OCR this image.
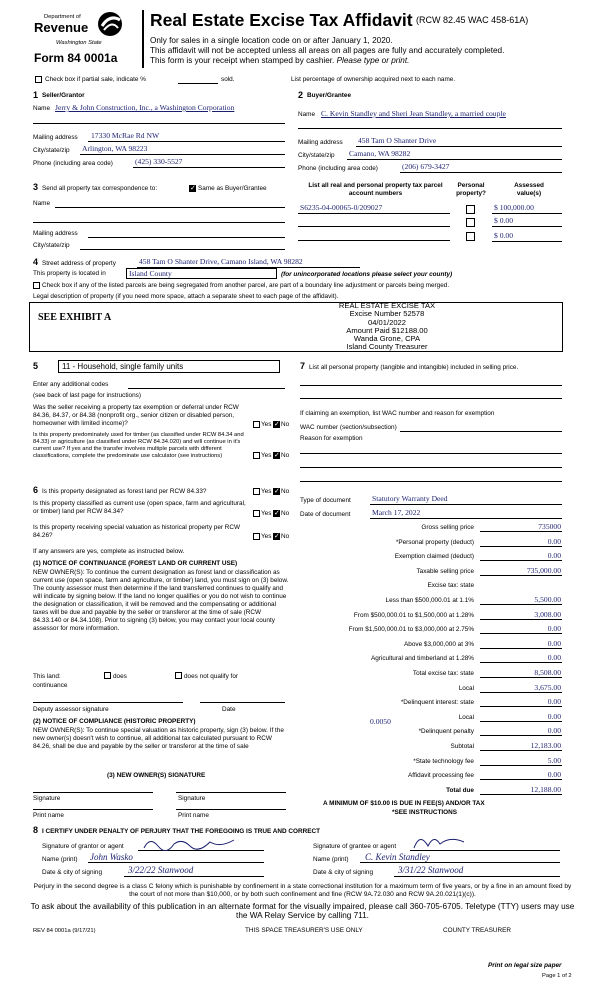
Department of
Revenue
Washington State
Form 84 0001a
Real Estate Excise Tax Affidavit (RCW 82.45 WAC 458-61A)
Only for sales in a single location code on or after January 1, 2020.
This affidavit will not be accepted unless all areas on all pages are fully and accurately completed.
This form is your receipt when stamped by cashier. Please type or print.
Check box if partial sale, indicate %	sold.	List percentage of ownership acquired next to each name.
1 Seller/Grantor
Name Jerry & John Construction, Inc., a Washington Corporation
Mailing address 17330 McRae Rd NW
City/state/zip Arlington, WA 98223
Phone (including area code)	(425) 330-5527
2 Buyer/Grantee
Name C. Kevin Standley and Sheri Jean Standley, a married couple
Mailing address 458 Tam O Shanter Drive
City/state/zip Camano, WA 98282
Phone (including area code)	(206) 679-3427
3 Send all property tax correspondence to:	✓ Same as Buyer/Grantee
Name
Mailing address
City/state/zip
List all real and personal property tax parcel account numbers
Personal property?
Assessed value(s)
S6235-04-00065-0/209027	$ 100,000.00
$ 0.00
$ 0.00
4 Street address of property	458 Tam O Shanter Drive, Camano Island, WA 98282
This property is located in	Island County	(for unincorporated locations please select your county)
Check box if any of the listed parcels are being segregated from another parcel, are part of a boundary line adjustment or parcels being merged.
Legal description of property (if you need more space, attach a separate sheet to each page of the affidavit).
SEE EXHIBIT A
REAL ESTATE EXCISE TAX
Excise Number 52578
04/01/2022
Amount Paid $12188.00
Wanda Grone, CPA
Island County Treasurer
5	11 - Household, single family units
Enter any additional codes
(see back of last page for instructions)
Was the seller receiving a property tax exemption or deferral under RCW 84.36, 84.37, or 84.38 (nonprofit org., senior citizen or disabled person, homeowner with limited income)?	Yes ✓ No
Is this property predominately used for timber (as classified under RCW 84.34 and 84.33) or agriculture (as classified under RCW 84.34.020) and will continue in it's current use? If yes and the transfer involves multiple parcels with different classifications, complete the predominate use calculator (see instructions)	Yes ✓ No
7 List all personal property (tangible and intangible) included in selling price.
If claiming an exemption, list WAC number and reason for exemption
WAC number (section/subsection)
Reason for exemption
6 Is this property designated as forest land per RCW 84.33?	Yes ✓ No
Is this property classified as current use (open space, farm and agricultural, or timber) land per RCW 84.34?	Yes ✓ No
Is this property receiving special valuation as historical property per RCW 84.26?	Yes ✓ No
If any answers are yes, complete as instructed below.
(1) NOTICE OF CONTINUANCE (FOREST LAND OR CURRENT USE)
NEW OWNER(S): To continue the current designation as forest land or classification as current use (open space, farm and agriculture, or timber) land, you must sign on (3) below. The county assessor must then determine if the land transferred continues to qualify and will indicate by signing below. If the land no longer qualifies or you do not wish to continue the designation or classification, it will be removed and the compensating or additional taxes will be due and payable by the seller or transferor at the time of sale (RCW 84.33.140 or 84.34.108). Prior to signing (3) below, you may contact your local county assessor for more information.
This land:	does	does not qualify for
continuance
Deputy assessor signature	Date
(2) NOTICE OF COMPLIANCE (HISTORIC PROPERTY)
NEW OWNER(S): To continue special valuation as historic property, sign (3) below. If the new owner(s) doesn't wish to continue, all additional tax calculated pursuant to RCW 84.26, shall be due and payable by the seller or transferor at the time of sale
(3) NEW OWNER(S) SIGNATURE
Signature	Signature
Print name	Print name
Type of document	Statutory Warranty Deed
Date of document	March 17, 2022
Gross selling price	735000
*Personal property (deduct)	0.00
Exemption claimed (deduct)	0.00
Taxable selling price	735,000.00
Excise tax: state
Less than $500,000.01 at 1.1%	5,500.00
From $500,000.01 to $1,500,000 at 1.28%	3,008.00
From $1,500,000.01 to $3,000,000 at 2.75%	0.00
Above $3,000,000 at 3%	0.00
Agricultural and timberland at 1.28%	0.00
Total excise tax: state	8,508.00
Local	3,675.00
*Delinquent interest: state	0.00
Local	0.00
*Delinquent penalty	0.00
Subtotal	12,183.00
*State technology fee	5.00
Affidavit processing fee	0.00
Total due	12,188.00
0.0050
A MINIMUM OF $10.00 IS DUE IN FEE(S) AND/OR TAX
*SEE INSTRUCTIONS
8 I CERTIFY UNDER PENALTY OF PERJURY THAT THE FOREGOING IS TRUE AND CORRECT
Signature of grantor or agent
Name (print) John Wasko
Date & city of signing	3/22/22 Stanwood
Signature of grantee or agent
Name (print) C. Kevin Standley
Date & city of signing	3/31/22 Stanwood
Perjury in the second degree is a class C felony which is punishable by confinement in a state correctional institution for a maximum term of five years, or by a fine in an amount fixed by the court of not more than $10,000, or by both such confinement and fine (RCW 9A.72.030 and RCW 9A.20.021(1)(c)).
To ask about the availability of this publication in an alternate format for the visually impaired, please call 360-705-6705. Teletype (TTY) users may use the WA Relay Service by calling 711.
REV 84 0001a (9/17/21)	THIS SPACE TREASURER'S USE ONLY	COUNTY TREASURER
Print on legal size paper
Page 1 of 2
